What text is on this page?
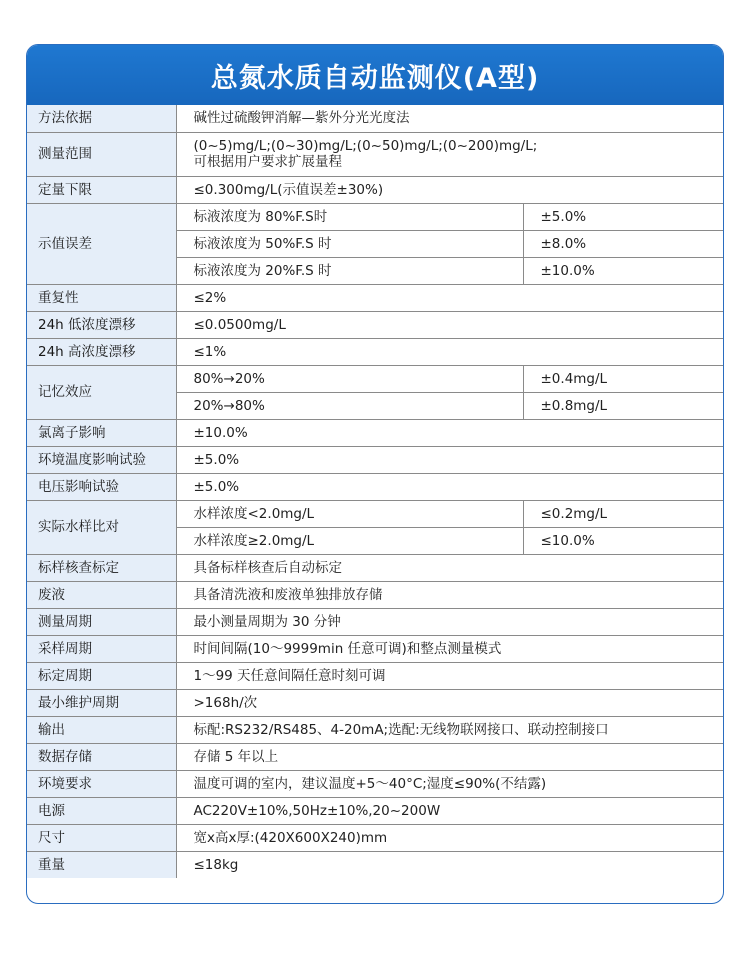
总氮水质自动监测仪(A型)
方法依据	碱性过硫酸钾消解—紫外分光光度法	
测量范围	(0~5)mg/L;(0~30)mg/L;(0~50)mg/L;(0~200)mg/L;
可根据用户要求扩展量程	

定量下限	≤0.300mg/L(示值误差±30%)	
示值误差	标液浓度为 80%F.S时	±5.0%
	标液浓度为 50%F.S 时	±8.0%
	标液浓度为 20%F.S 时	±10.0%
重复性	≤2%	
24h 低浓度漂移	≤0.0500mg/L	
24h 高浓度漂移	≤1%	
记忆效应	80%→20%	±0.4mg/L
	20%→80%	±0.8mg/L
氯离子影响	±10.0%	
环境温度影响试验	±5.0%	
电压影响试验	±5.0%	
实际水样比对	水样浓度<2.0mg/L	≤0.2mg/L
	水样浓度≥2.0mg/L	≤10.0%
标样核查标定	具备标样核查后自动标定	
废液	具备清洗液和废液单独排放存储	
测量周期	最小测量周期为 30 分钟	
采样周期	时间间隔(10～9999min 任意可调)和整点测量模式	
标定周期	1～99 天任意间隔任意时刻可调	
最小维护周期	>168h/次	
输出	标配:RS232/RS485、4-20mA;选配:无线物联网接口、联动控制接口	
数据存储	存储 5 年以上	
环境要求	温度可调的室内，建议温度+5～40°C;湿度≤90%(不结露)	
电源	AC220V±10%,50Hz±10%,20~200W	
尺寸	宽x高x厚:(420X600X240)mm	
重量	≤18kg	
